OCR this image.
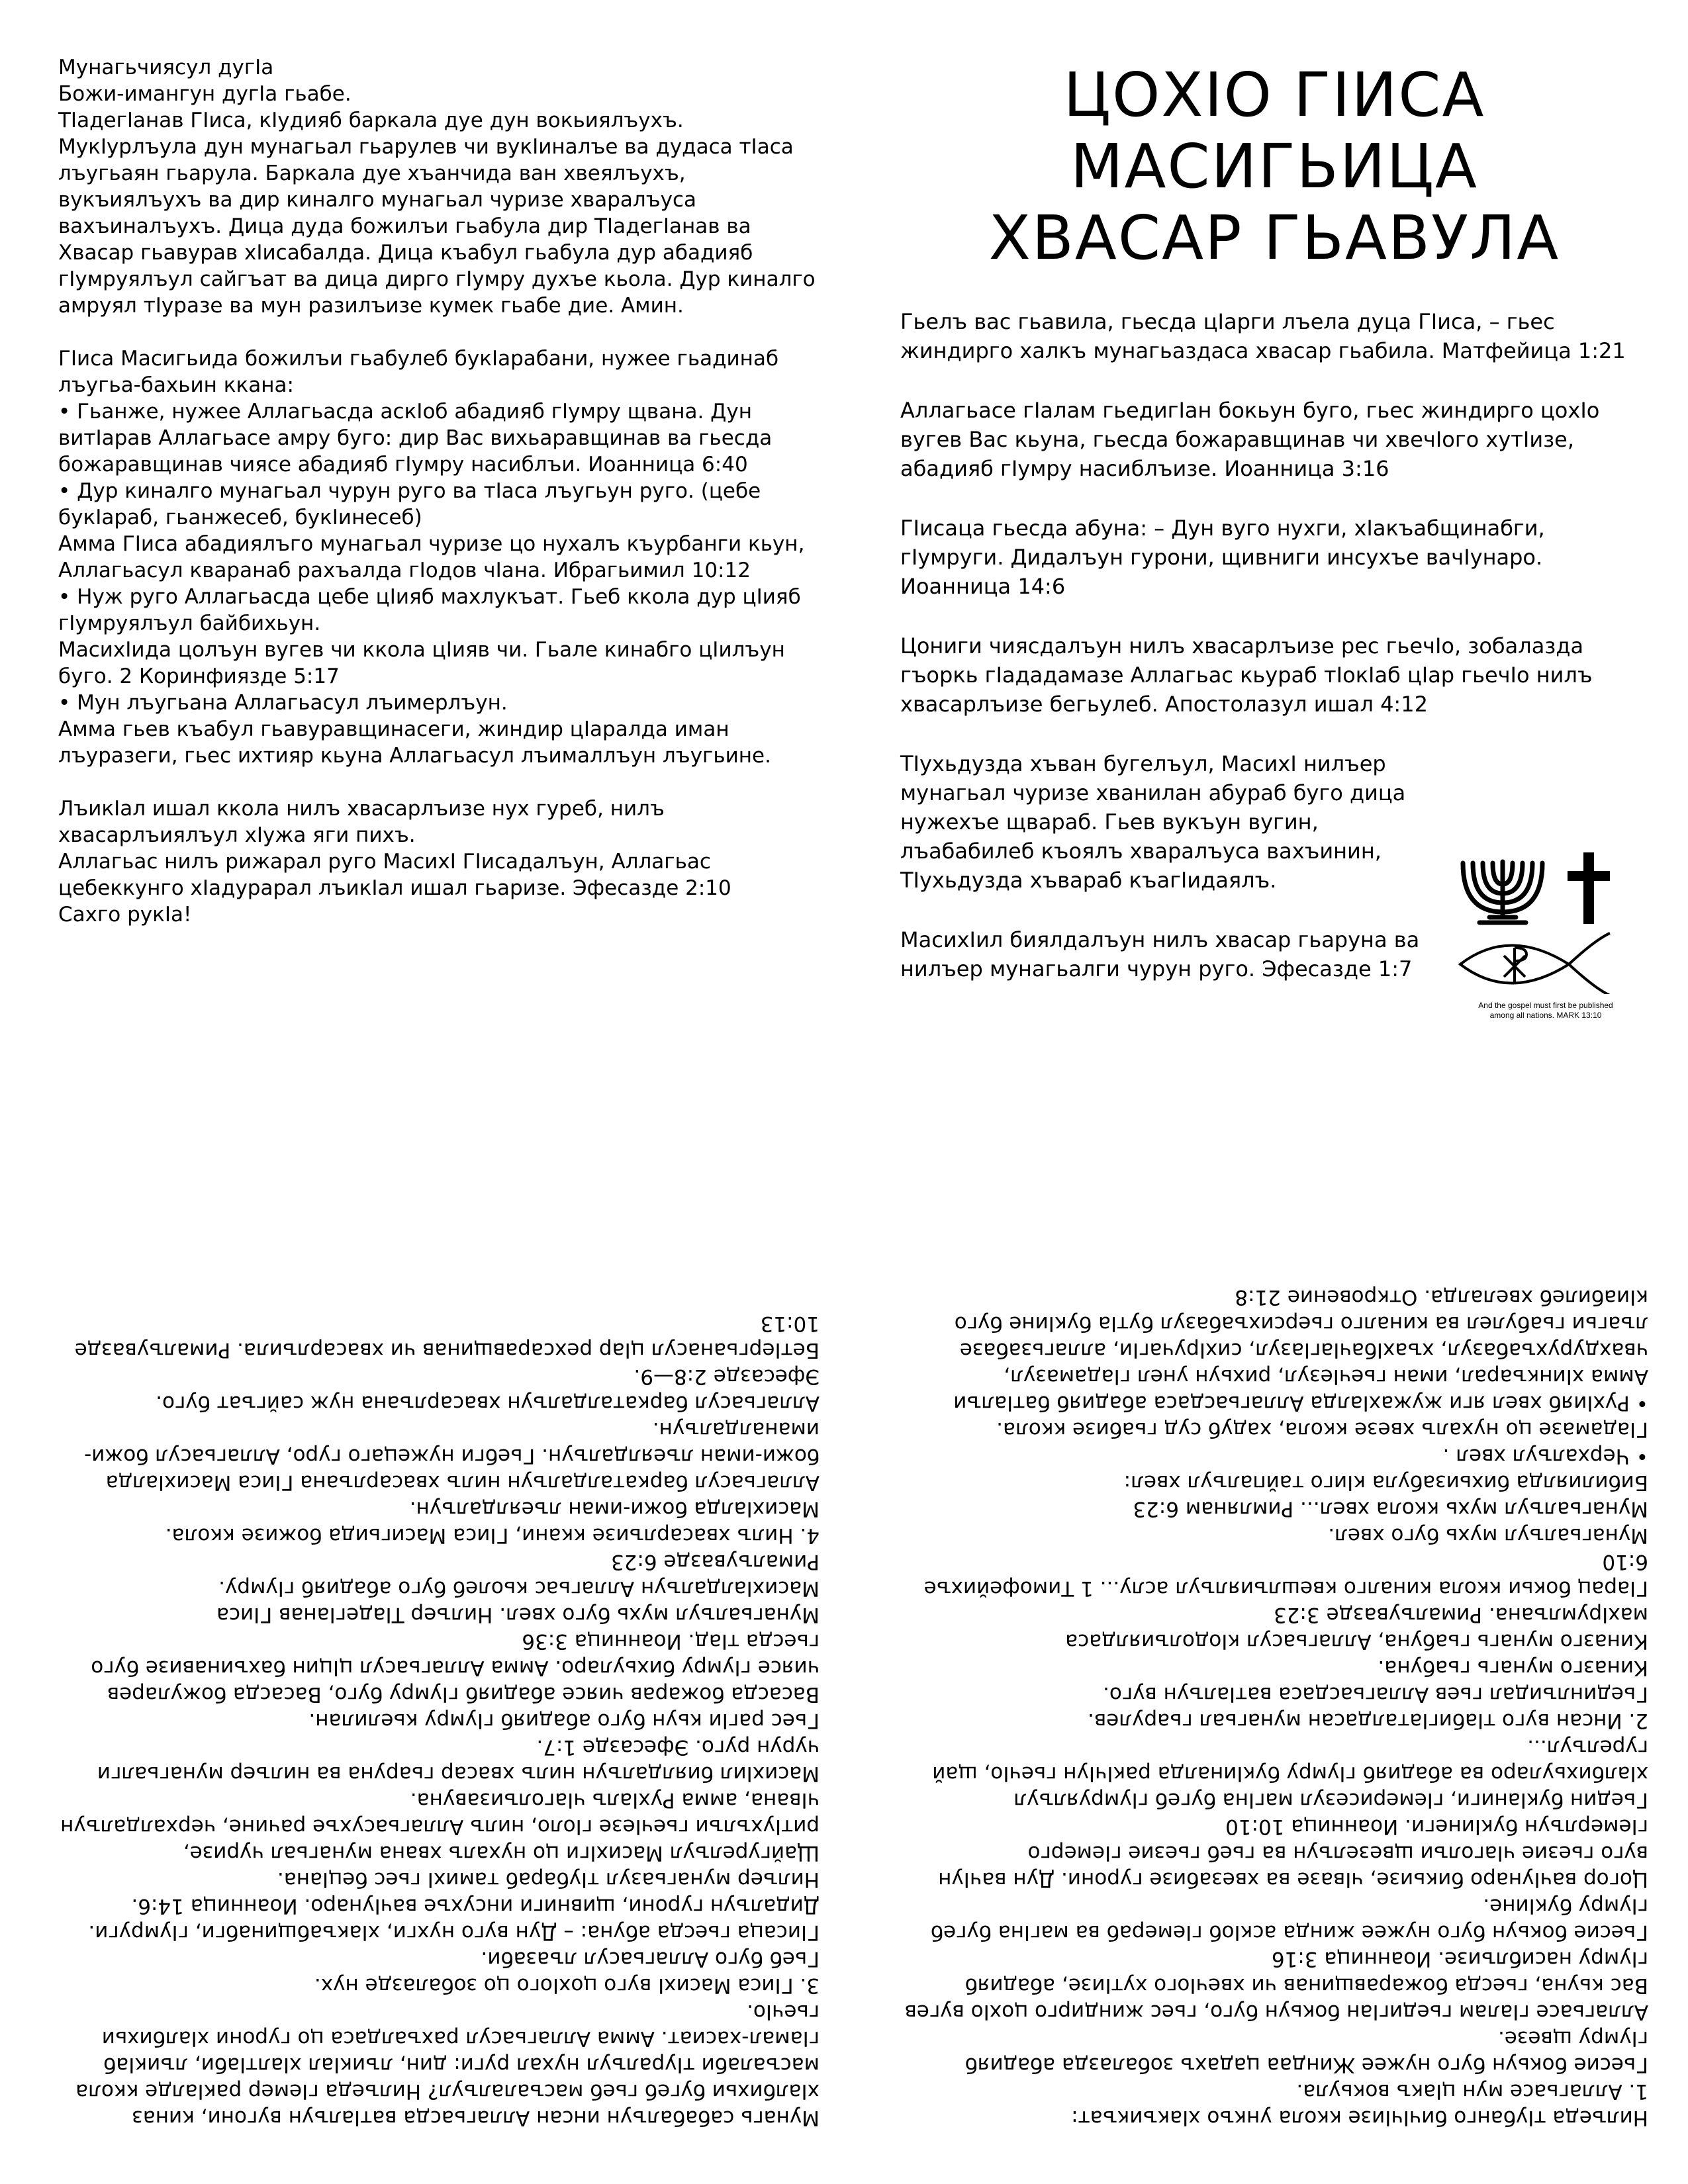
Мунагьчиясул дугIа
Божи-имангун дугIа гьабе.
ТIадегIанав ГIиса, кIудияб баркала дуе дун вокьиялъухъ.
МукIурлъула дун мунагьал гьарулев чи вукIиналъе ва дудаса тIаса лъугьаян гьарула. Баркала дуе хъанчида ван хвеялъухъ, вукъиялъухъ ва дир киналго мунагьал чуризе хваралъуса вахъиналъухъ. Дица дуда божилъи гьабула дир ТIадегIанав ва Хвасар гьавурав хIисабалда. Дица къабул гьабула дур абадияб гIумруялъул сайгъат ва дица дирго гIумру духъе кьола. Дур киналго амруял тIуразе ва мун разилъизе кумек гьабе дие. Амин.

ГIиса Масигьида божилъи гьабулеб букIарабани, нужее гьадинаб лъугьа-бахьин ккана:
• Гьанже, нужее Аллагьасда аскIоб абадияб гIумру щвана. Дун витIарав Аллагьасе амру буго: дир Вас вихьаравщинав ва гьесда божаравщинав чиясе абадияб гIумру насиблъи. Иоанница 6:40
• Дур киналго мунагьал чурун руго ва тIаса лъугьун руго. (цебе букIараб, гьанжесеб, букIинесеб)
Амма ГIиса абадиялъго мунагьал чуризе цо нухалъ къурбанги кьун, Аллагьасул кваранаб рахъалда гIодов чIана. Ибрагьимил 10:12
• Нуж руго Аллагьасда цебе цIияб махлукъат. Гьеб ккола дур цIияб гIумруялъул байбихьун.
МасихIида цолъун вугев чи ккола цIияв чи. Гьале кинабго цIилъун буго. 2 Коринфиязде 5:17
• Мун лъугьана Аллагьасул лъимерлъун.
Амма гьев къабул гьавуравщинасеги, жиндир цIаралда иман лъуразеги, гьес ихтияр кьуна Аллагьасул лъималлъун лъугьине.

ЛъикIал ишал ккола нилъ хвасарлъизе нух гуреб, нилъ хвасарлъиялъул хIужа яги пихъ.
Аллагьас нилъ рижарал руго МасихI ГIисадалъун, Аллагьас цебеккунго хIадурарал лъикIал ишал гьаризе. Эфесазде 2:10
Сахго рукIа!

ЦОХIО ГIИСА
МАСИГЬИЦА
ХВАСАР ГЬАВУЛА

Гьелъ вас гьавила, гьесда цIарги лъела дуца ГIиса, – гьес жиндирго халкъ мунагьаздаса хвасар гьабила. Матфейица 1:21

Аллагьасе гIалам гьедигIан бокьун буго, гьес жиндирго цохIо вугев Вас кьуна, гьесда божаравщинав чи хвечIого хутIизе, абадияб гIумру насиблъизе. Иоанница 3:16

ГIисаца гьесда абуна: – Дун вуго нухги, хIакъабщинабги, гIумруги. Дидалъун гурони, щивниги инсухъе вачIунаро. Иоанница 14:6

Цониги чиясдалъун нилъ хвасарлъизе рес гьечIо, зобалазда гъоркь гIададамазе Аллагьас кьураб тIокIаб цIар гьечIо нилъ хвасарлъизе бегьулеб. Апостолазул ишал 4:12

ТIухьдузда хъван бугелъул, МасихI нилъер мунагьал чуризе хванилан абураб буго дица нужехъе щвараб. Гьев вукъун вугин, лъабабилеб къоялъ хваралъуса вахъинин, ТIухьдузда хъвараб къагIидаялъ.

МасихIил биялдалъун нилъ хвасар гьаруна ва нилъер мунагьалги чурун руго. Эфесазде 1:7

And the gospel must first be published
among all nations. MARK 13:10

Мунагь сабабалъун инсан Аллагьасда ватIалъун вугони, киназ хIалбихьи бугеб гьеб масъалалъул? Нилъеда гIемер ракIалде ккола масъалаби тIуралъул нухал руги: дин, лъикIал хIалтIаби, лъикIаб гIамал-хасиат. Амма Аллагьасул рахъалдаса цо гурони хIалбихьи гьечIо.
3. ГIиса МасихI вуго цохIого цо зобалазде нух.
Гьеб буго Аллагьасул лъазаби.
ГIисаца гьесда абуна: – Дун вуго нухги, хIакъабщинабги, гIумруги. Дидалъун гурони, щивниги инсухъе вачIунаро. Иоанница 14:6.
Нилъер мунагьазул тIубараб тамихI гьес бецIана.
Щайгурелъул МасихIги цо нухалъ хвана мунагьал чуризе, ритIухълъи гьечIезе гIоло, нилъ Аллагьасухъе рачине, черхалдалъун чIвана, амма РухIалъ чIаголъизавуна.
МасихIил биялдалъун нилъ хвасар гьаруна ва нилъер мунагьалги чурун руго. Эфесазде 1:7.
Гьес рагIи кьун буго абадияб гIумру кьелилан.
Васасда божарав чиясе абадияб гIумру буго, Васасда божуларев чиясе гIумру бихьуларо. Амма Аллагьасул цIцин бахъинавизе буго гьесда тIад. Иоанница 3:36
Мунагьалъул мухь буго хвел. Нилъер ТIадегIанав ГIиса МасихIалдалъун Аллагьас кьолеб буго абадияб гIумру. Рималъувазде 6:23
4. Нилъ хвасарлъизе ккани, ГIиса Масигьида божизе ккола.
МасихIалда божи-иман лъеялдалъун.
Аллагьасул баркаталдалъун нилъ хвасарлъана ГIиса МасихIалда божи-иман лъеялдалъун. Гьебги нужецаго гуро, Аллагьасул божи-иманалдалъун.
Аллагьасул баркаталдалъун хвасарлъана нуж сайгъат буго. Эфесазде 2:8—9.
БетIергьанасул цIар рехсаравщинав чи хвасарлъила. Рималъувазде 10:13

Нилъеда тIубанго бичIчIизе ккола ункъо хIакъикъат:
1. Аллагьасе мун цIакъ вокьула.
Гьесие бокьун буго нужее Жиндаа цадахъ зобалазда абадияб гIумру щвезе.
Аллагьасе гIалам гьедигIан бокьун буго, гьес жиндирго цохIо вугев Вас кьуна, гьесда божаравщинав чи хвечIого хутIизе, абадияб гIумру насиблъизе. Иоанница 3:16
Гьесие бокьун буго нужее жинда аскIоб гIемераб ва магIна бугеб гIумру букIине.
Цогор вачIунаро бикьизе, чIвазе ва хвезабизе гурони. Дун вачIун вуго гьезие чIаголъи щвезелъун ва гьеб гьезие гIемерго гIемерлъун букIинеги. Иоанница 10:10
Гьедин букIаниги, гIемерисезул магIна бугеб гIумруялъул хIалбихьуларо ва абадияб гIумру букIиналда ракIчIун гьечIо, щай гурелъул...
2. Инсан вуго тIабигIаталдасан мунагьал гьарулев.
Гьединлъидал гьев Аллагьасдаса ватIалъун вуго.
Киназго мунагь гьабуна.
Киназго мунагь гьабуна, Аллагьасул кIодолъиялдаса махIрумлъана. Рималъувазде 3:23
ГIарац бокьи ккола киналго квешлъиялъул аслу... 1 Тимофейихъе 6:10
Мунагьалъул мухь буго хвел.
Мунагьалъул мухь ккола хвел... Римлянам 6:23
Бибилиялда бихьизабула кIиго тайпалъул хвел:
• Черхалъул хвел .
ГIадамазе цо нухалъ хвезе ккола, хадуб суд гьабизе ккола.
• РухIияб хвел яги жужахIалда Аллагьасдаса абадияб батIалъи
Амма хIинкъарал, иман гьечIезул, рихьун унел гIадамазул, чвахдурухъабазул, хъахIбачIагIазул, сихIручагIи, аллагьзабазе лъагьи гьабулел ва киналго гьерсихъабазул бутIа букIине буго кIиабилеб хвелалда. Откровение 21:8
